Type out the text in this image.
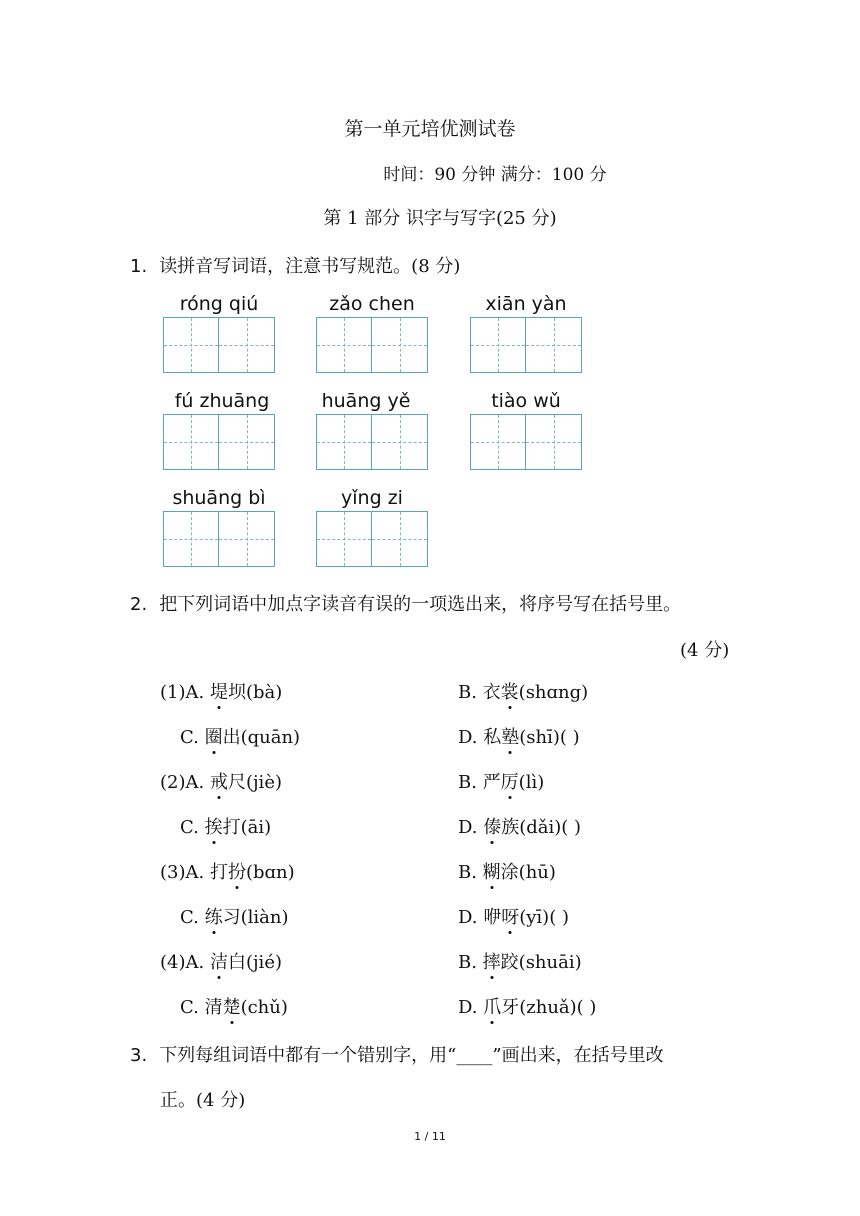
第一单元培优测试卷
时间：90 分钟 满分：100 分
第 1 部分 识字与写字(25 分)
1. 读拼音写词语，注意书写规范。(8 分)
róng qiú	zǎo chen	xiān yàn
fú zhuāng	huāng yě	tiào wǔ
shuāng bì	yǐng zi
2. 把下列词语中加点字读音有误的一项选出来，将序号写在括号里。
(4 分)
(1)A. 堤坝(bà)	B. 衣裳(shɑng)
C. 圈出(quān)	D. 私塾(shī)( )
(2)A. 戒尺(jiè)	B. 严厉(lì)
C. 挨打(āi)	D. 傣族(dǎi)( )
(3)A. 打扮(bɑn)	B. 糊涂(hū)
C. 练习(liàn)	D. 咿呀(yī)( )
(4)A. 洁白(jié)	B. 摔跤(shuāi)
C. 清楚(chǔ)	D. 爪牙(zhuǎ)( )
3. 下列每组词语中都有一个错别字，用“____”画出来，在括号里改
正。(4 分)
1 / 11
